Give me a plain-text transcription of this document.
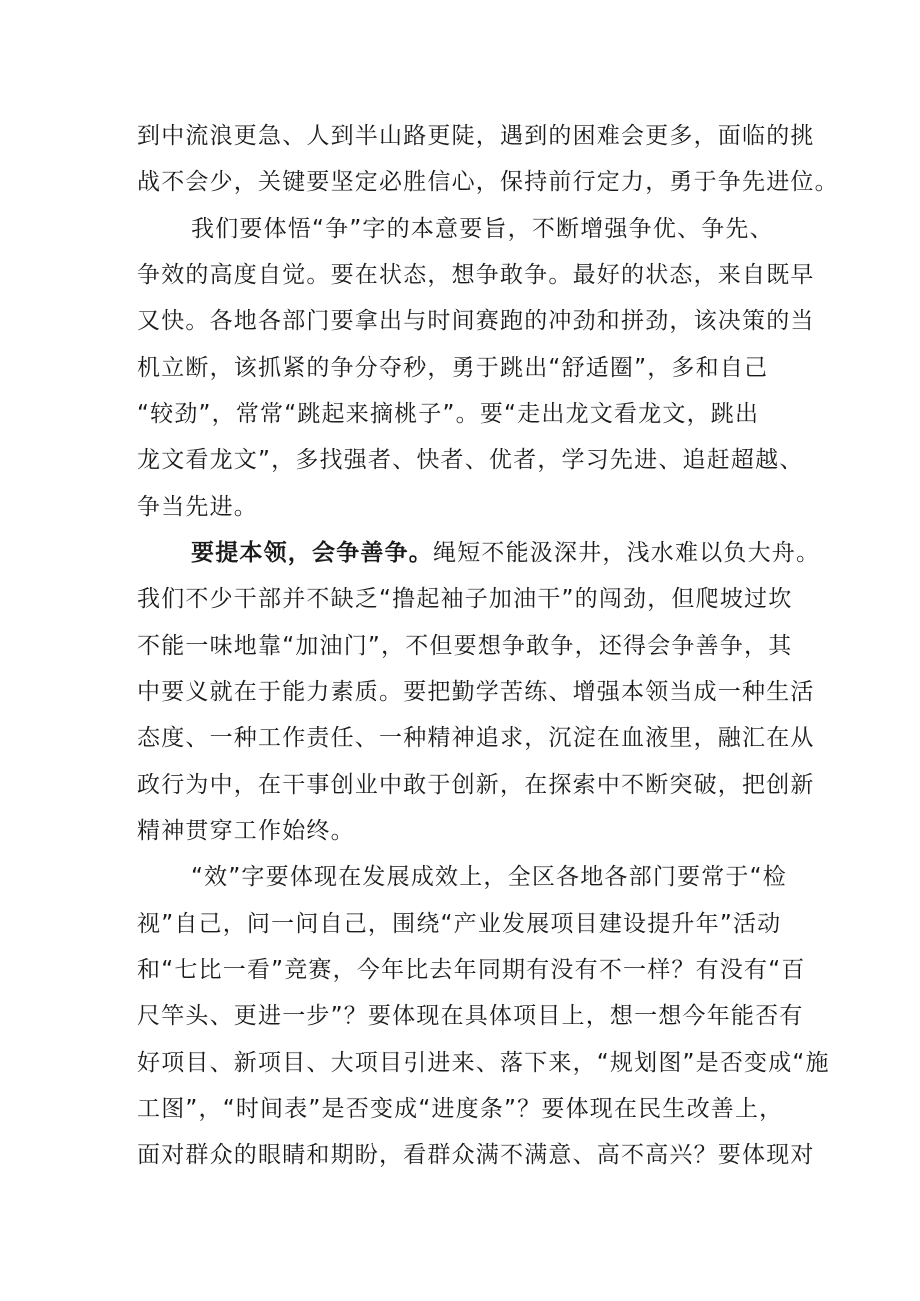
到中流浪更急、人到半山路更陡，遇到的困难会更多，面临的挑
战不会少，关键要坚定必胜信心，保持前行定力，勇于争先进位。
我们要体悟“争”字的本意要旨，不断增强争优、争先、
争效的高度自觉。要在状态，想争敢争。最好的状态，来自既早
又快。各地各部门要拿出与时间赛跑的冲劲和拼劲，该决策的当
机立断，该抓紧的争分夺秒，勇于跳出“舒适圈”，多和自己
“较劲”，常常“跳起来摘桃子”。要“走出龙文看龙文，跳出
龙文看龙文”，多找强者、快者、优者，学习先进、追赶超越、
争当先进。
要提本领，会争善争。绳短不能汲深井，浅水难以负大舟。
我们不少干部并不缺乏“撸起袖子加油干”的闯劲，但爬坡过坎
不能一味地靠“加油门”，不但要想争敢争，还得会争善争，其
中要义就在于能力素质。要把勤学苦练、增强本领当成一种生活
态度、一种工作责任、一种精神追求，沉淀在血液里，融汇在从
政行为中，在干事创业中敢于创新，在探索中不断突破，把创新
精神贯穿工作始终。
“效”字要体现在发展成效上，全区各地各部门要常于“检
视”自己，问一问自己，围绕“产业发展项目建设提升年”活动
和“七比一看”竞赛，今年比去年同期有没有不一样？有没有“百
尺竿头、更进一步”？要体现在具体项目上，想一想今年能否有
好项目、新项目、大项目引进来、落下来，“规划图”是否变成“施
工图”，“时间表”是否变成“进度条”？要体现在民生改善上，
面对群众的眼睛和期盼，看群众满不满意、高不高兴？要体现对
